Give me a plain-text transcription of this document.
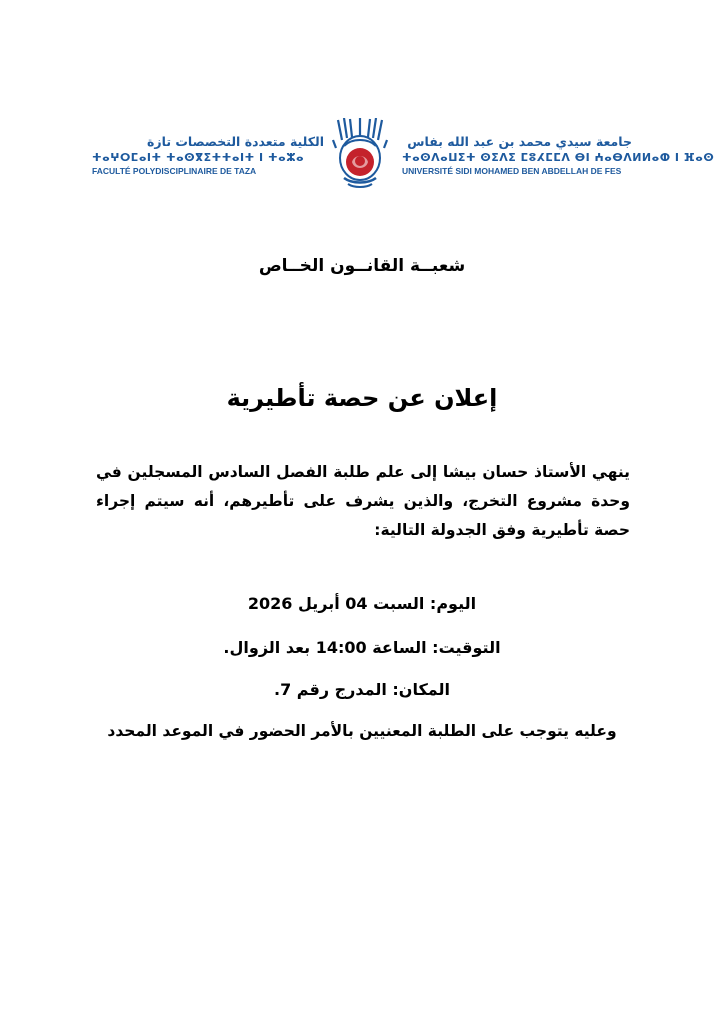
الكلية متعددة التخصصات تازة
ⵜⴰⵖⵔⵎⴰⵏⵜ ⵜⴰⵙⴳⵉⵜⵜⴰⵏⵜ ⵏ ⵜⴰⵣⴰ
FACULTÉ POLYDISCIPLINAIRE DE TAZA
جامعة سيدي محمد بن عبد الله بفاس
ⵜⴰⵙⴷⴰⵡⵉⵜ ⵙⵉⴷⵉ ⵎⵓⵃⵎⵎⴷ ⴱⵏ ⵄⴰⴱⴷⵍⵍⴰⵀ ⵏ ⴼⴰⵙ
UNIVERSITÉ SIDI MOHAMED BEN ABDELLAH DE FES
شعبــة القانــون الخــاص
إعلان عن حصة تأطيرية
ينهي الأستاذ حسان بيشا إلى علم طلبة الفصل السادس المسجلين في وحدة مشروع التخرج، والذين يشرف على تأطيرهم، أنه سيتم إجراء حصة تأطيرية وفق الجدولة التالية:
اليوم: السبت 04 أبريل 2026
التوقيت: الساعة 14:00 بعد الزوال.
المكان: المدرج رقم 7.
وعليه يتوجب على الطلبة المعنيين بالأمر الحضور في الموعد المحدد
